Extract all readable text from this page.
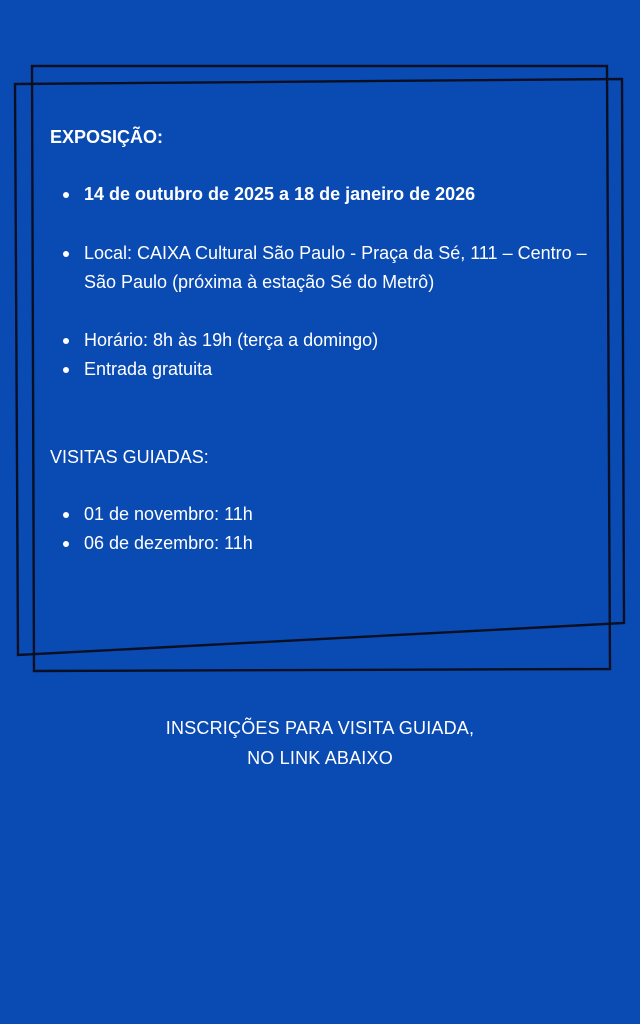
EXPOSIÇÃO:

14 de outubro de 2025 a 18 de janeiro de 2026
Local: CAIXA Cultural São Paulo - Praça da Sé, 111 – Centro – São Paulo (próxima à estação Sé do Metrô)
Horário: 8h às 19h (terça a domingo)
Entrada gratuita

VISITAS GUIADAS:

01 de novembro: 11h
06 de dezembro: 11h
INSCRIÇÕES PARA VISITA GUIADA,
NO LINK ABAIXO
